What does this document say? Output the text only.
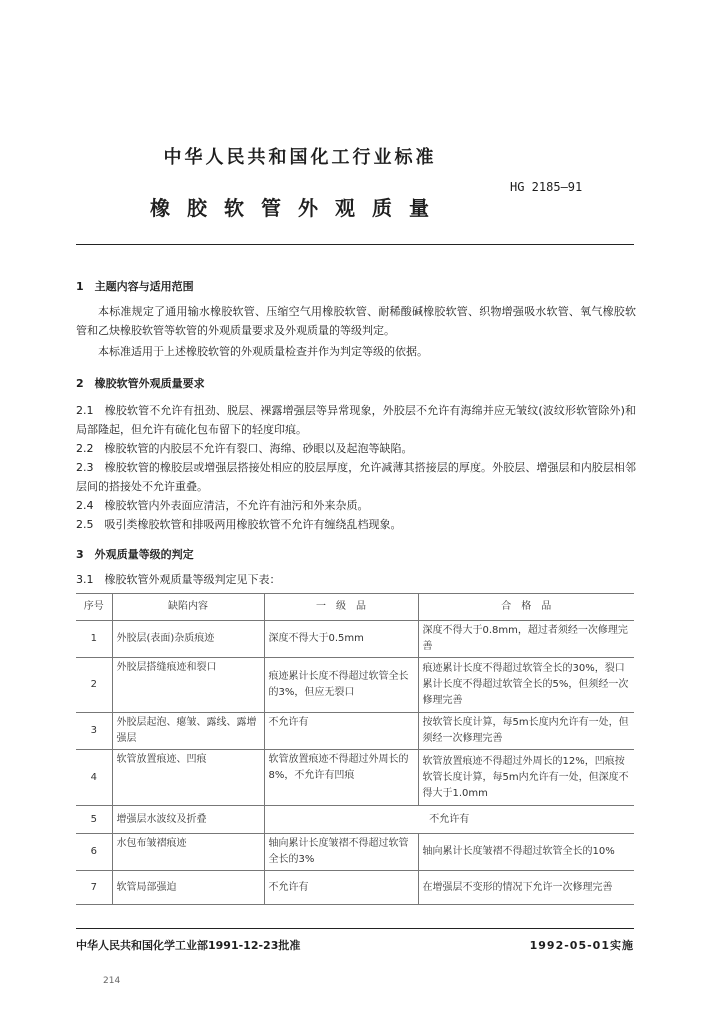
中华人民共和国化工行业标准
橡胶软管外观质量
HG 2185—91
1　主题内容与适用范围
本标准规定了通用输水橡胶软管、压缩空气用橡胶软管、耐稀酸碱橡胶软管、织物增强吸水软管、氧气橡胶软管和乙炔橡胶软管等软管的外观质量要求及外观质量的等级判定。
本标准适用于上述橡胶软管的外观质量检查并作为判定等级的依据。
2　橡胶软管外观质量要求
2.1　橡胶软管不允许有扭劲、脱层、裸露增强层等异常现象，外胶层不允许有海绵并应无皱纹(波纹形软管除外)和局部隆起，但允许有硫化包布留下的轻度印痕。
2.2　橡胶软管的内胶层不允许有裂口、海绵、砂眼以及起泡等缺陷。
2.3　橡胶软管的橡胶层或增强层搭接处相应的胶层厚度，允许减薄其搭接层的厚度。外胶层、增强层和内胶层相邻层间的搭接处不允许重叠。
2.4　橡胶软管内外表面应清洁，不允许有油污和外来杂质。
2.5　吸引类橡胶软管和排吸两用橡胶软管不允许有缠绕乱档现象。
3　外观质量等级的判定
3.1　橡胶软管外观质量等级判定见下表：
序号	缺陷内容	一　级　品	合　格　品
1	外胶层(表面)杂质痕迹	深度不得大于0.5mm	深度不得大于0.8mm，超过者须经一次修理完善
2	外胶层搭缝痕迹和裂口	痕迹累计长度不得超过软管全长的3%，但应无裂口	痕迹累计长度不得超过软管全长的30%，裂口累计长度不得超过软管全长的5%，但须经一次修理完善
3	外胶层起泡、瘪皱、露线、露增强层	不允许有	按软管长度计算，每5m长度内允许有一处，但须经一次修理完善
4	软管放置痕迹、凹痕	软管放置痕迹不得超过外周长的8%，不允许有凹痕	软管放置痕迹不得超过外周长的12%，凹痕按软管长度计算，每5m内允许有一处，但深度不得大于1.0mm
5	增强层水波纹及折叠	不允许有	
6	水包布皱褶痕迹	轴向累计长度皱褶不得超过软管全长的3%	轴向累计长度皱褶不得超过软管全长的10%
7	软管局部强迫	不允许有	在增强层不变形的情况下允许一次修理完善
中华人民共和国化学工业部1991-12-23批准	1992-05-01实施
214
